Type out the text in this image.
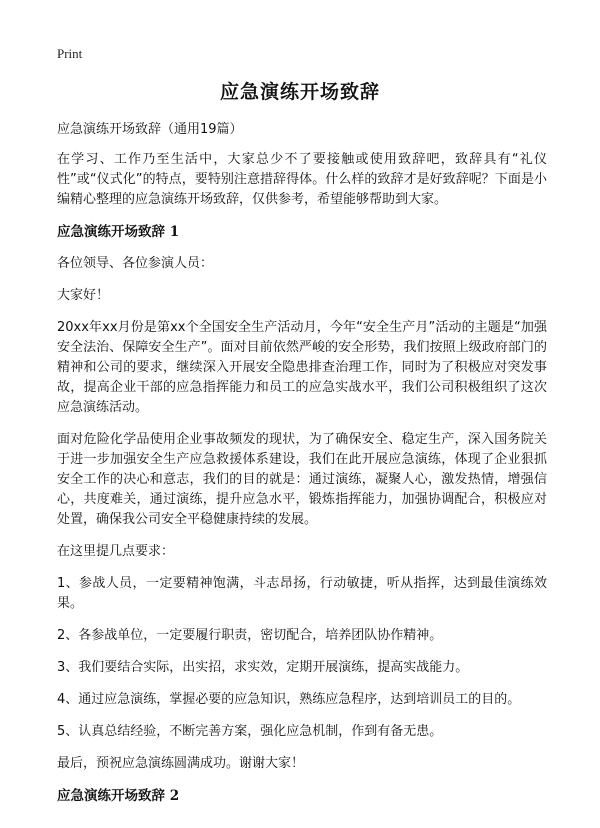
Print
应急演练开场致辞

应急演练开场致辞（通用19篇）

在学习、工作乃至生活中，大家总少不了要接触或使用致辞吧，致辞具有“礼仪性”或“仪式化”的特点，要特别注意措辞得体。什么样的致辞才是好致辞呢？下面是小编精心整理的应急演练开场致辞，仅供参考，希望能够帮助到大家。

应急演练开场致辞 1

各位领导、各位参演人员：

大家好！

20xx年xx月份是第xx个全国安全生产活动月，今年“安全生产月”活动的主题是“加强安全法治、保障安全生产”。面对目前依然严峻的安全形势，我们按照上级政府部门的精神和公司的要求，继续深入开展安全隐患排查治理工作，同时为了积极应对突发事故，提高企业干部的应急指挥能力和员工的应急实战水平，我们公司积极组织了这次应急演练活动。

面对危险化学品使用企业事故频发的现状，为了确保安全、稳定生产，深入国务院关于进一步加强安全生产应急救援体系建设，我们在此开展应急演练，体现了企业狠抓安全工作的决心和意志，我们的目的就是：通过演练，凝聚人心，激发热情，增强信心，共度难关，通过演练，提升应急水平，锻炼指挥能力，加强协调配合，积极应对处置，确保我公司安全平稳健康持续的发展。

在这里提几点要求：

1、参战人员，一定要精神饱满，斗志昂扬，行动敏捷，听从指挥，达到最佳演练效果。

2、各参战单位，一定要履行职责，密切配合，培养团队协作精神。

3、我们要结合实际，出实招，求实效，定期开展演练，提高实战能力。

4、通过应急演练，掌握必要的应急知识，熟练应急程序，达到培训员工的目的。

5、认真总结经验，不断完善方案，强化应急机制，作到有备无患。

最后，预祝应急演练圆满成功。谢谢大家！

应急演练开场致辞 2
